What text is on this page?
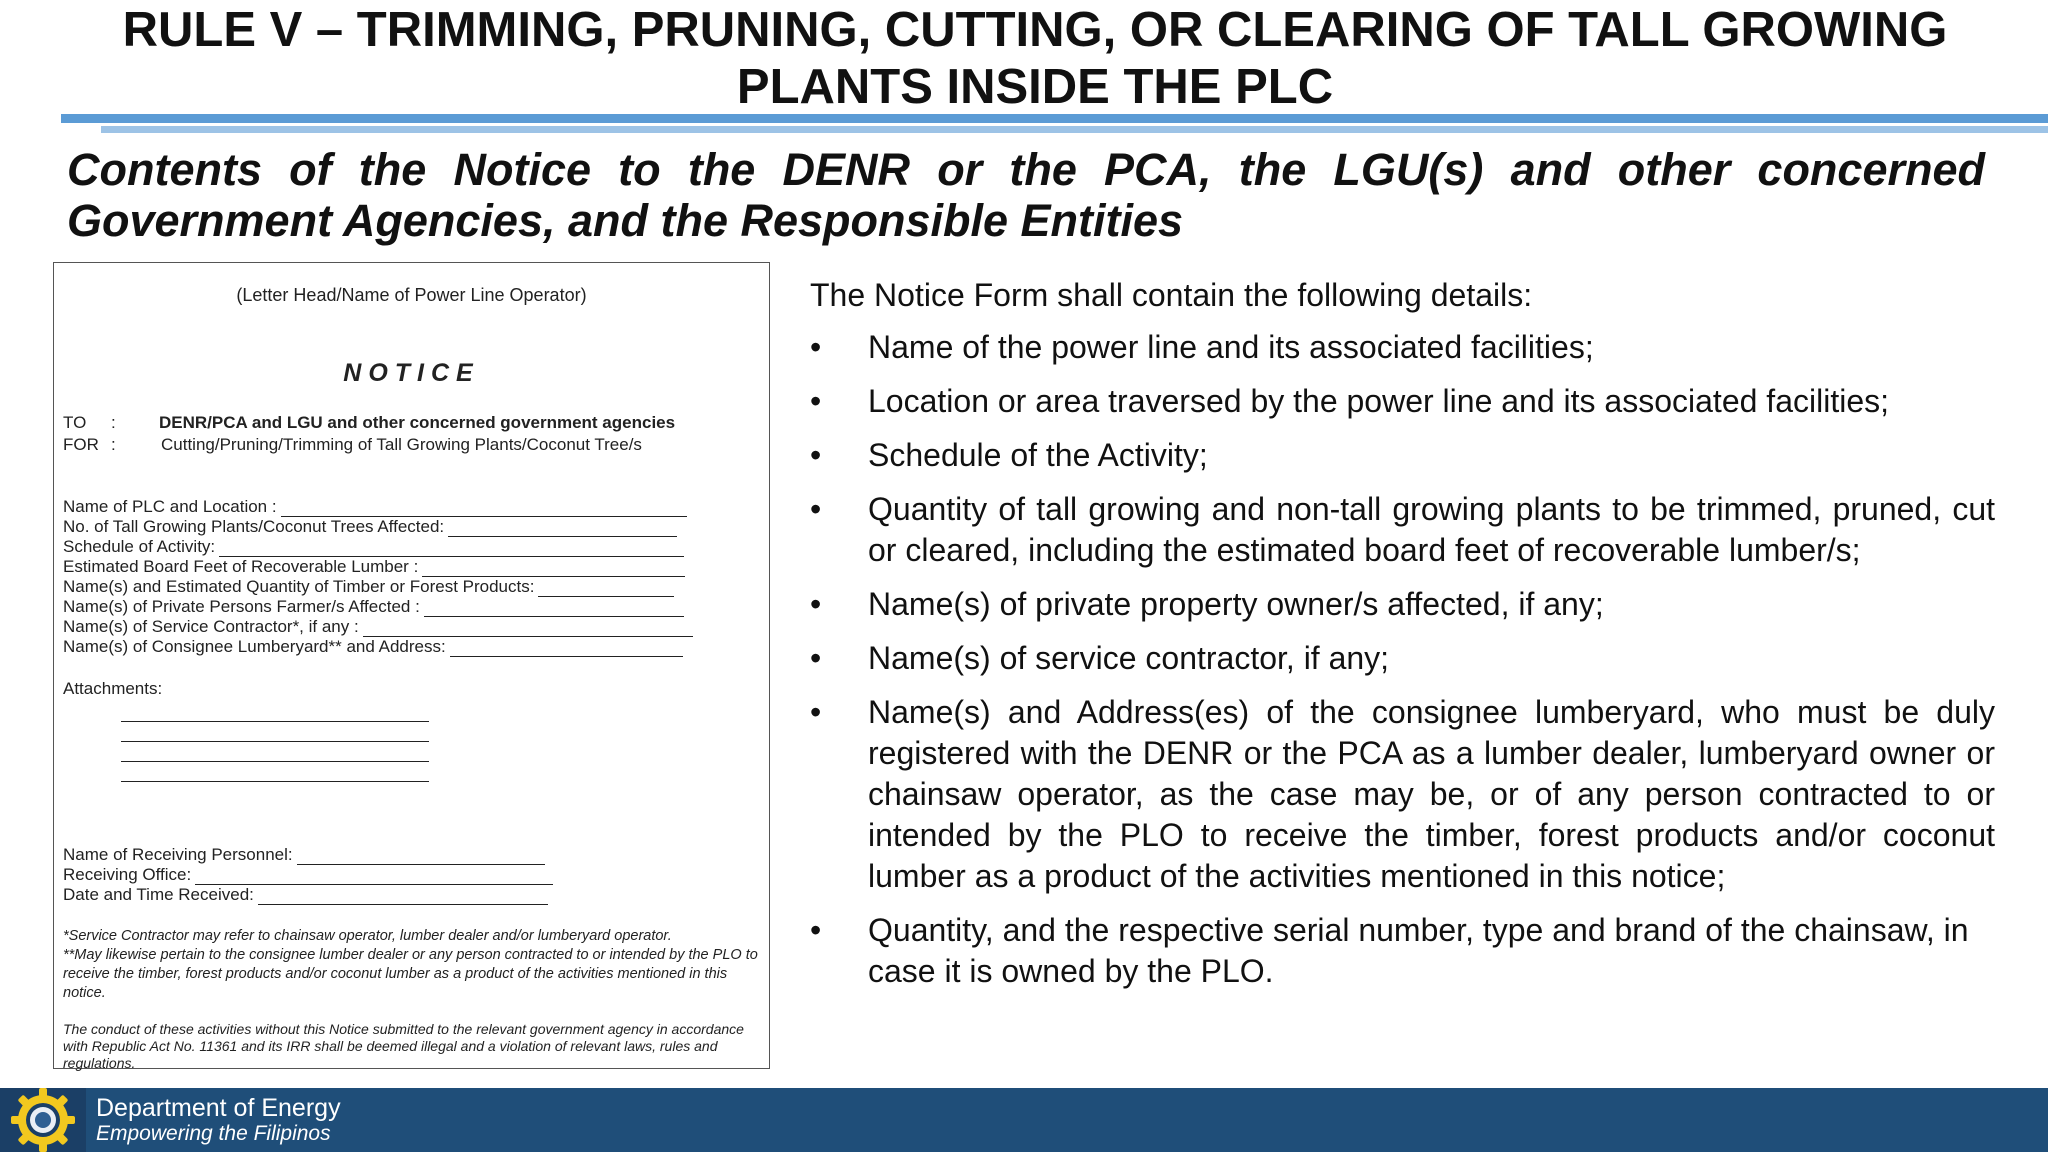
RULE V – TRIMMING, PRUNING, CUTTING, OR CLEARING OF TALL GROWING PLANTS INSIDE THE PLC
Contents of the Notice to the DENR or the PCA, the LGU(s) and other concerned Government Agencies, and the Responsible Entities
(Letter Head/Name of Power Line Operator)
NOTICE
TO :	DENR/PCA and LGU and other concerned government agencies
FOR :	Cutting/Pruning/Trimming of Tall Growing Plants/Coconut Tree/s
Name of PLC and Location :
No. of Tall Growing Plants/Coconut Trees Affected:
Schedule of Activity:
Estimated Board Feet of Recoverable Lumber :
Name(s) and Estimated Quantity of Timber or Forest Products:
Name(s) of Private Persons Farmer/s Affected :
Name(s) of Service Contractor*, if any :
Name(s) of Consignee Lumberyard** and Address:
Attachments:
Name of Receiving Personnel:
Receiving Office:
Date and Time Received:

*Service Contractor may refer to chainsaw operator, lumber dealer and/or lumberyard operator.

**May likewise pertain to the consignee lumber dealer or any person contracted to or intended by the PLO to receive the timber, forest products and/or coconut lumber as a product of the activities mentioned in this notice.

The conduct of these activities without this Notice submitted to the relevant government agency in accordance with Republic Act No. 11361 and its IRR shall be deemed illegal and a violation of relevant laws, rules and regulations.

The Notice Form shall contain the following details:
• Name of the power line and its associated facilities;
• Location or area traversed by the power line and its associated facilities;
• Schedule of the Activity;
• Quantity of tall growing and non-tall growing plants to be trimmed, pruned, cut or cleared, including the estimated board feet of recoverable lumber/s;
• Name(s) of private property owner/s affected, if any;
• Name(s) of service contractor, if any;
• Name(s) and Address(es) of the consignee lumberyard, who must be duly registered with the DENR or the PCA as a lumber dealer, lumberyard owner or chainsaw operator, as the case may be, or of any person contracted to or intended by the PLO to receive the timber, forest products and/or coconut lumber as a product of the activities mentioned in this notice;
• Quantity, and the respective serial number, type and brand of the chainsaw, in case it is owned by the PLO.
Department of Energy
Empowering the Filipinos
